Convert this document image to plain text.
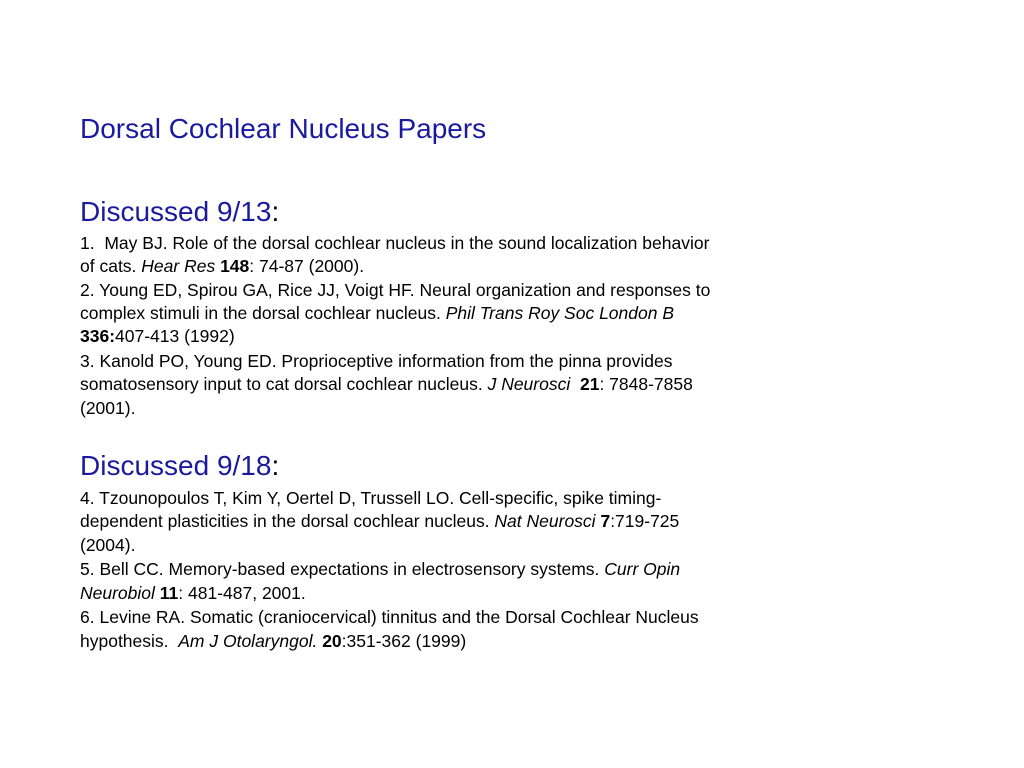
Dorsal Cochlear Nucleus Papers
Discussed 9/13:
1. May BJ. Role of the dorsal cochlear nucleus in the sound localization behavior
of cats. Hear Res 148: 74-87 (2000).
2. Young ED, Spirou GA, Rice JJ, Voigt HF. Neural organization and responses to
complex stimuli in the dorsal cochlear nucleus. Phil Trans Roy Soc London B
336:407-413 (1992)
3. Kanold PO, Young ED. Proprioceptive information from the pinna provides
somatosensory input to cat dorsal cochlear nucleus. J Neurosci 21: 7848-7858
(2001).
Discussed 9/18:
4. Tzounopoulos T, Kim Y, Oertel D, Trussell LO. Cell-specific, spike timing-
dependent plasticities in the dorsal cochlear nucleus. Nat Neurosci 7:719-725
(2004).
5. Bell CC. Memory-based expectations in electrosensory systems. Curr Opin
Neurobiol 11: 481-487, 2001.
6. Levine RA. Somatic (craniocervical) tinnitus and the Dorsal Cochlear Nucleus
hypothesis.  Am J Otolaryngol. 20:351-362 (1999)
